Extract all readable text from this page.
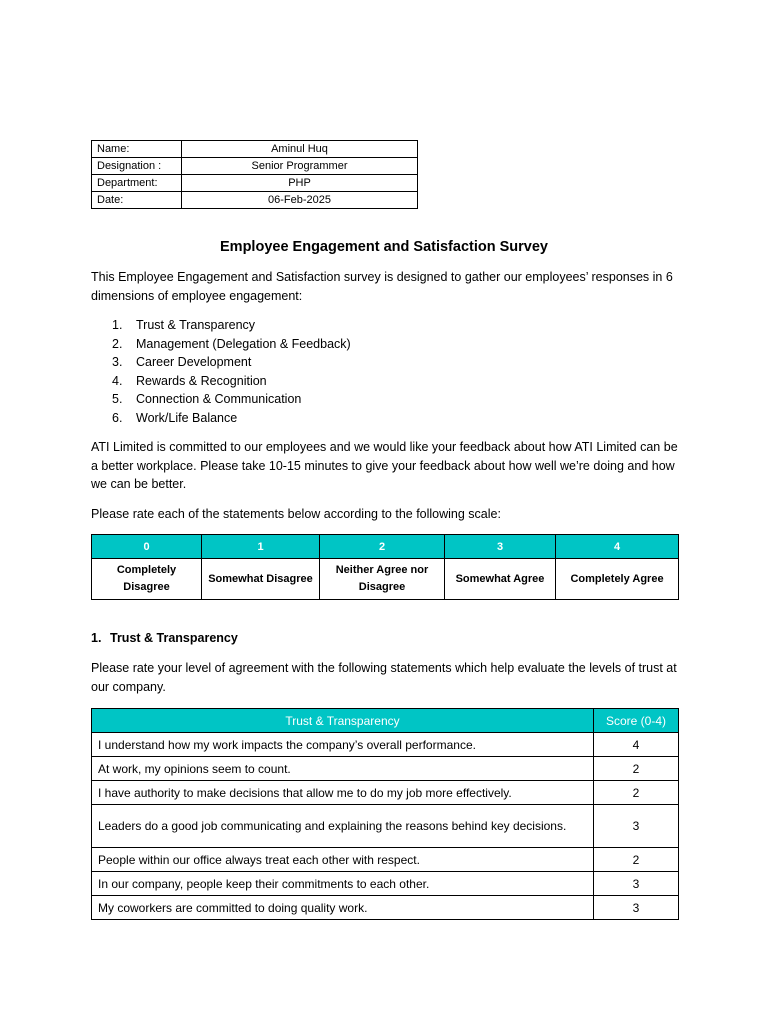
Name:	Aminul Huq
Designation :	Senior Programmer
Department:	PHP
Date:	06-Feb-2025
Employee Engagement and Satisfaction Survey

This Employee Engagement and Satisfaction survey is designed to gather our employees’ responses in 6 dimensions of employee engagement:

1.	Trust & Transparency
2.	Management (Delegation & Feedback)
3.	Career Development
4.	Rewards & Recognition
5.	Connection & Communication
6.	Work/Life Balance

ATI Limited is committed to our employees and we would like your feedback about how ATI Limited can be a better workplace. Please take 10-15 minutes to give your feedback about how well we’re doing and how we can be better.

Please rate each of the statements below according to the following scale:

0	1	2	3	4
Completely Disagree	Somewhat Disagree	Neither Agree nor Disagree	Somewhat Agree	Completely Agree
1. Trust & Transparency

Please rate your level of agreement with the following statements which help evaluate the levels of trust at our company.

Trust & Transparency	Score (0-4)
I understand how my work impacts the company’s overall performance.	4
At work, my opinions seem to count.	2
I have authority to make decisions that allow me to do my job more effectively.	2
Leaders do a good job communicating and explaining the reasons behind key decisions.	3
People within our office always treat each other with respect.	2
In our company, people keep their commitments to each other.	3
My coworkers are committed to doing quality work.	3
